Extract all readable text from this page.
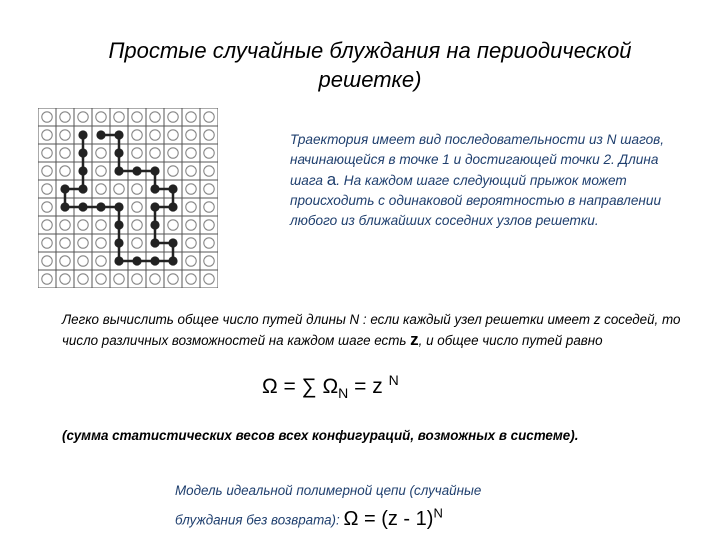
Простые случайные блуждания на периодической
решетке)
Траектория имеет вид последовательности из N шагов, начинающейся в точке 1 и достигающей точки 2. Длина шага a. На каждом шаге следующий прыжок может происходить с одинаковой вероятностью в направлении любого из ближайших соседних узлов решетки.
Легко вычислить общее число путей длины N : если каждый узел решетки имеет z соседей, то число различных возможностей на каждом шаге есть z, и общее число путей равно
Ω = ∑ $\Omega_N = z$ $^N$
(сумма статистических весов всех конфигураций, возможных в системе).
Модель идеальной полимерной цепи (случайные
блуждания без возврата): Ω = (z - 1)$^N$
